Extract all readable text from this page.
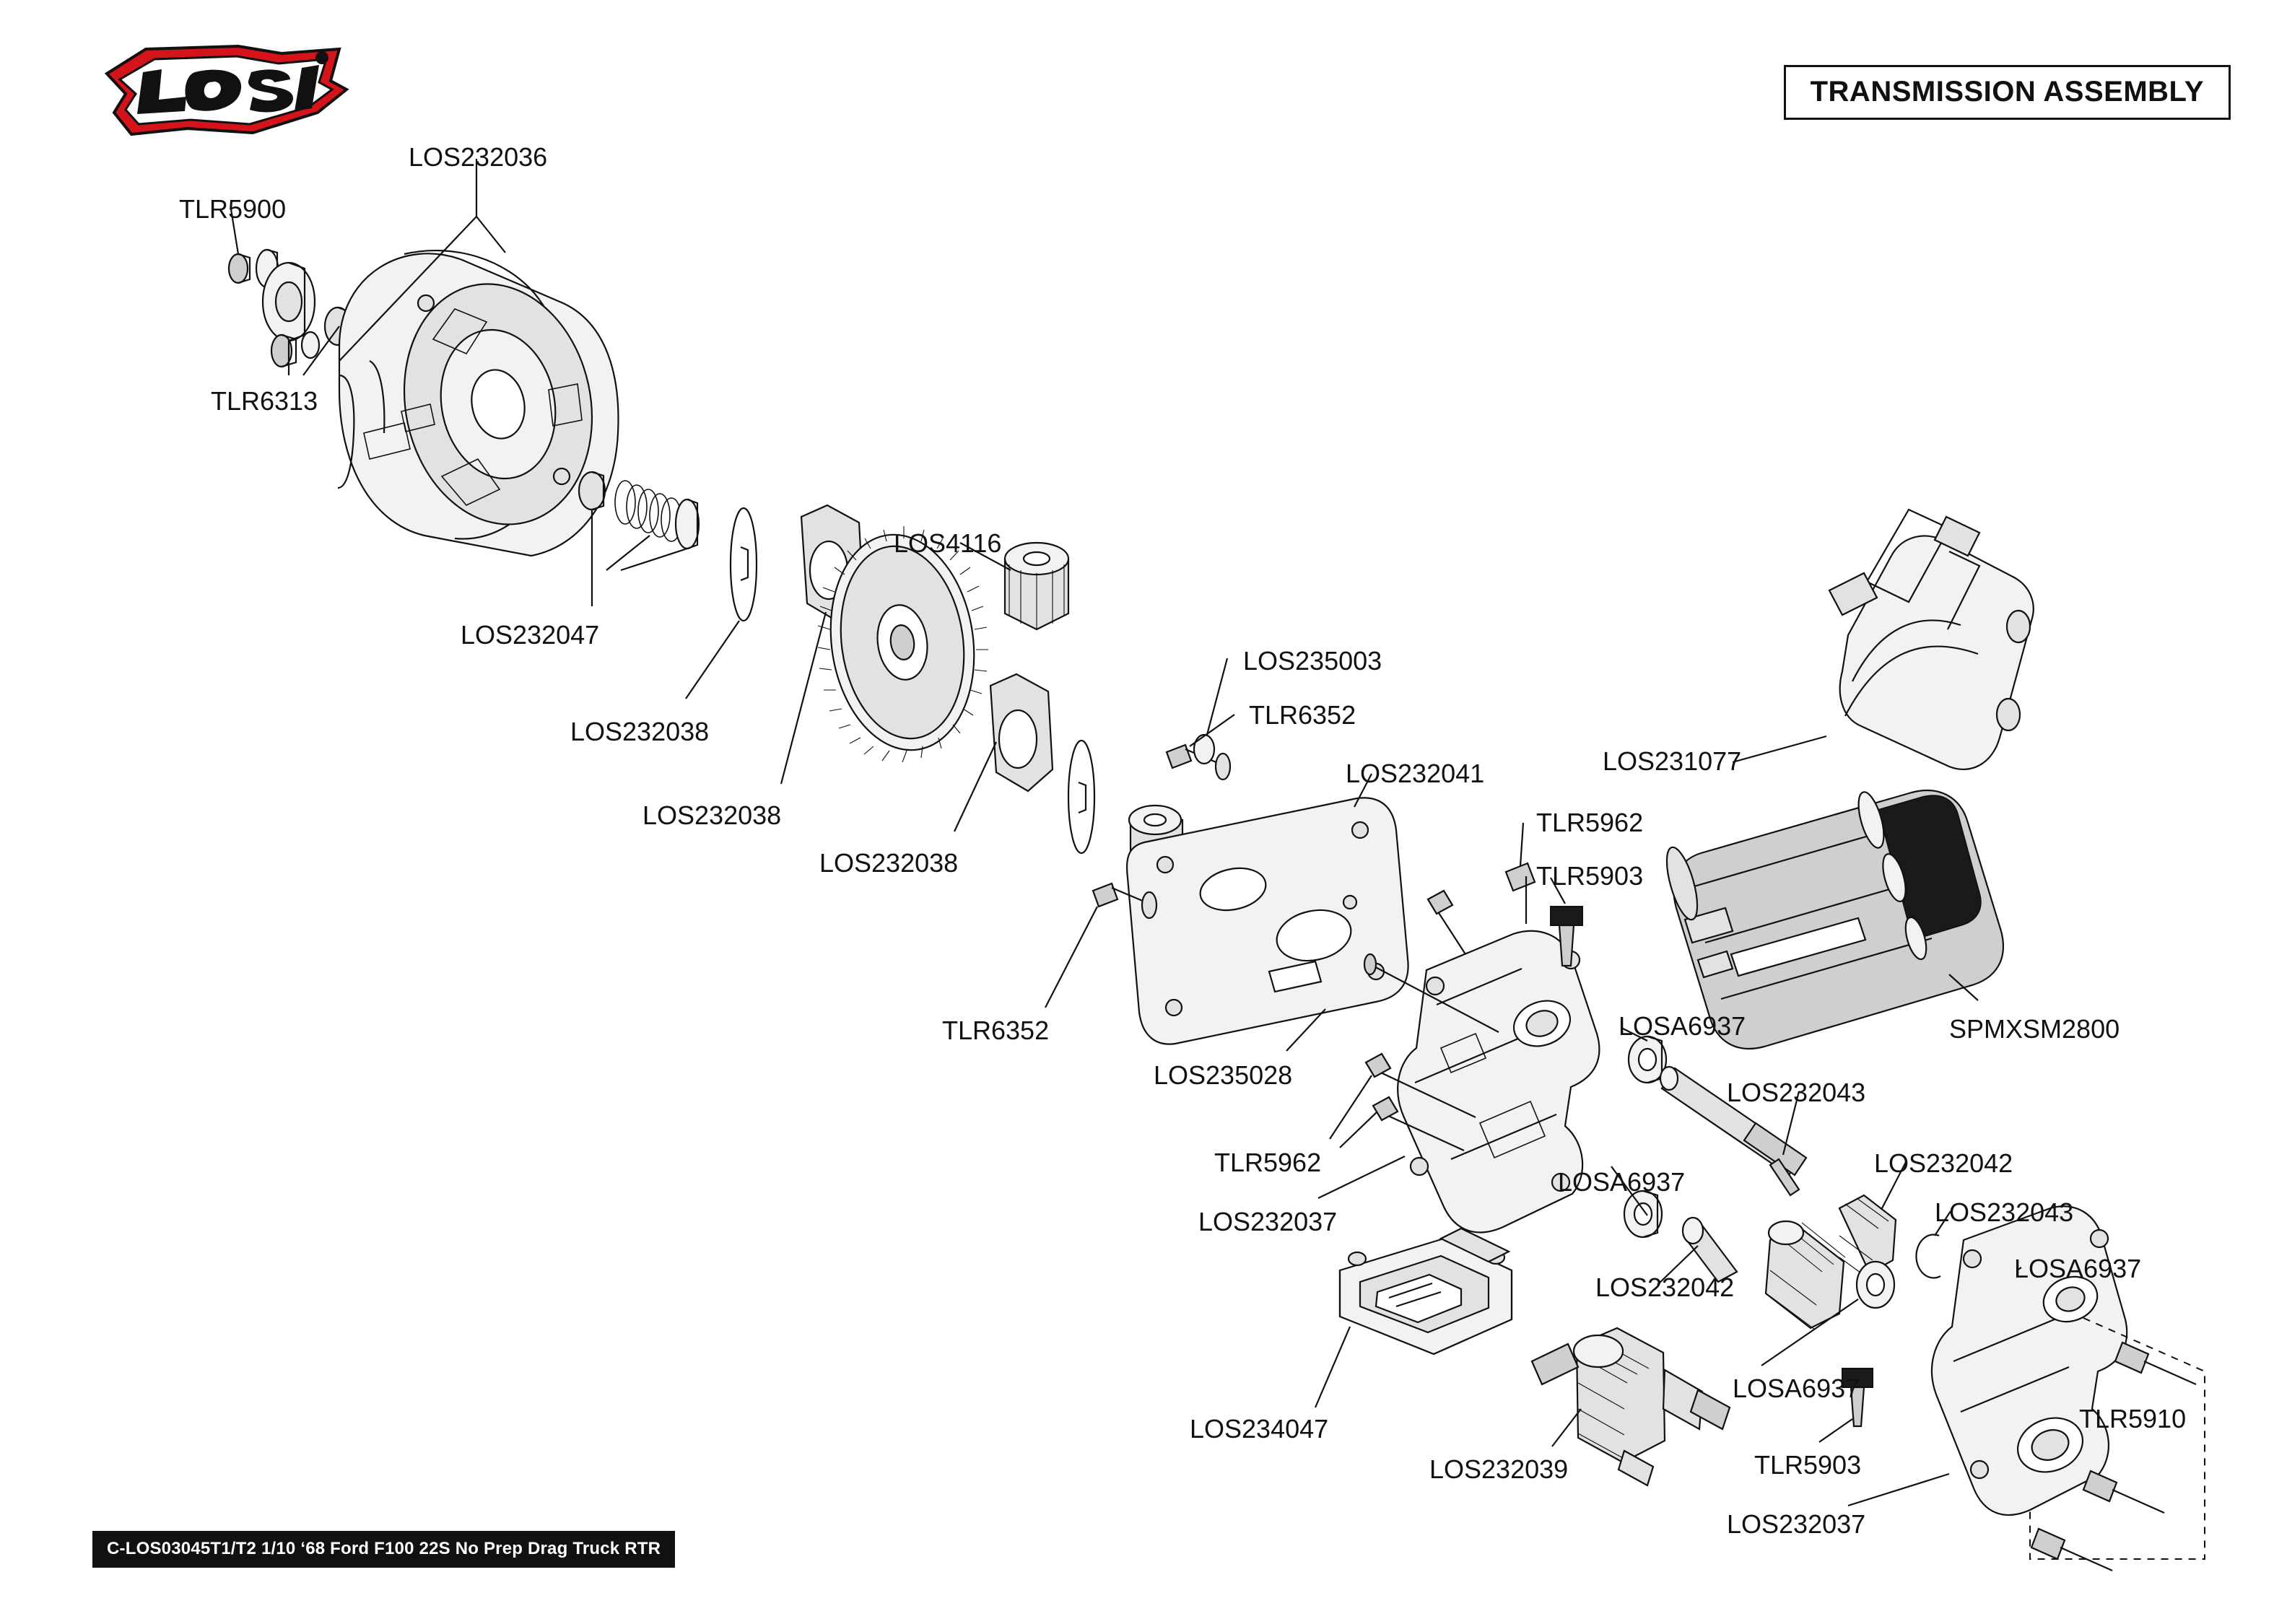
TRANSMISSION ASSEMBLY
TLR5900
LOS232036
TLR6313
LOS232047
LOS232038
LOS4116
LOS232038
LOS232038
LOS235003
TLR6352
LOS232041
TLR5962
TLR5903
LOS231077
SPMXSM2800
LOSA6937
TLR6352
LOS235028
TLR5962
LOS232037
LOSA6937
LOS232043
LOS232042
LOS232043
LOSA6937
LOS232042
LOSA6937
LOS234047
LOS232039	TLR5903
TLR5910
LOS232037
C-LOS03045T1/T2 1/10 ‘68 Ford F100 22S No Prep Drag Truck RTR
